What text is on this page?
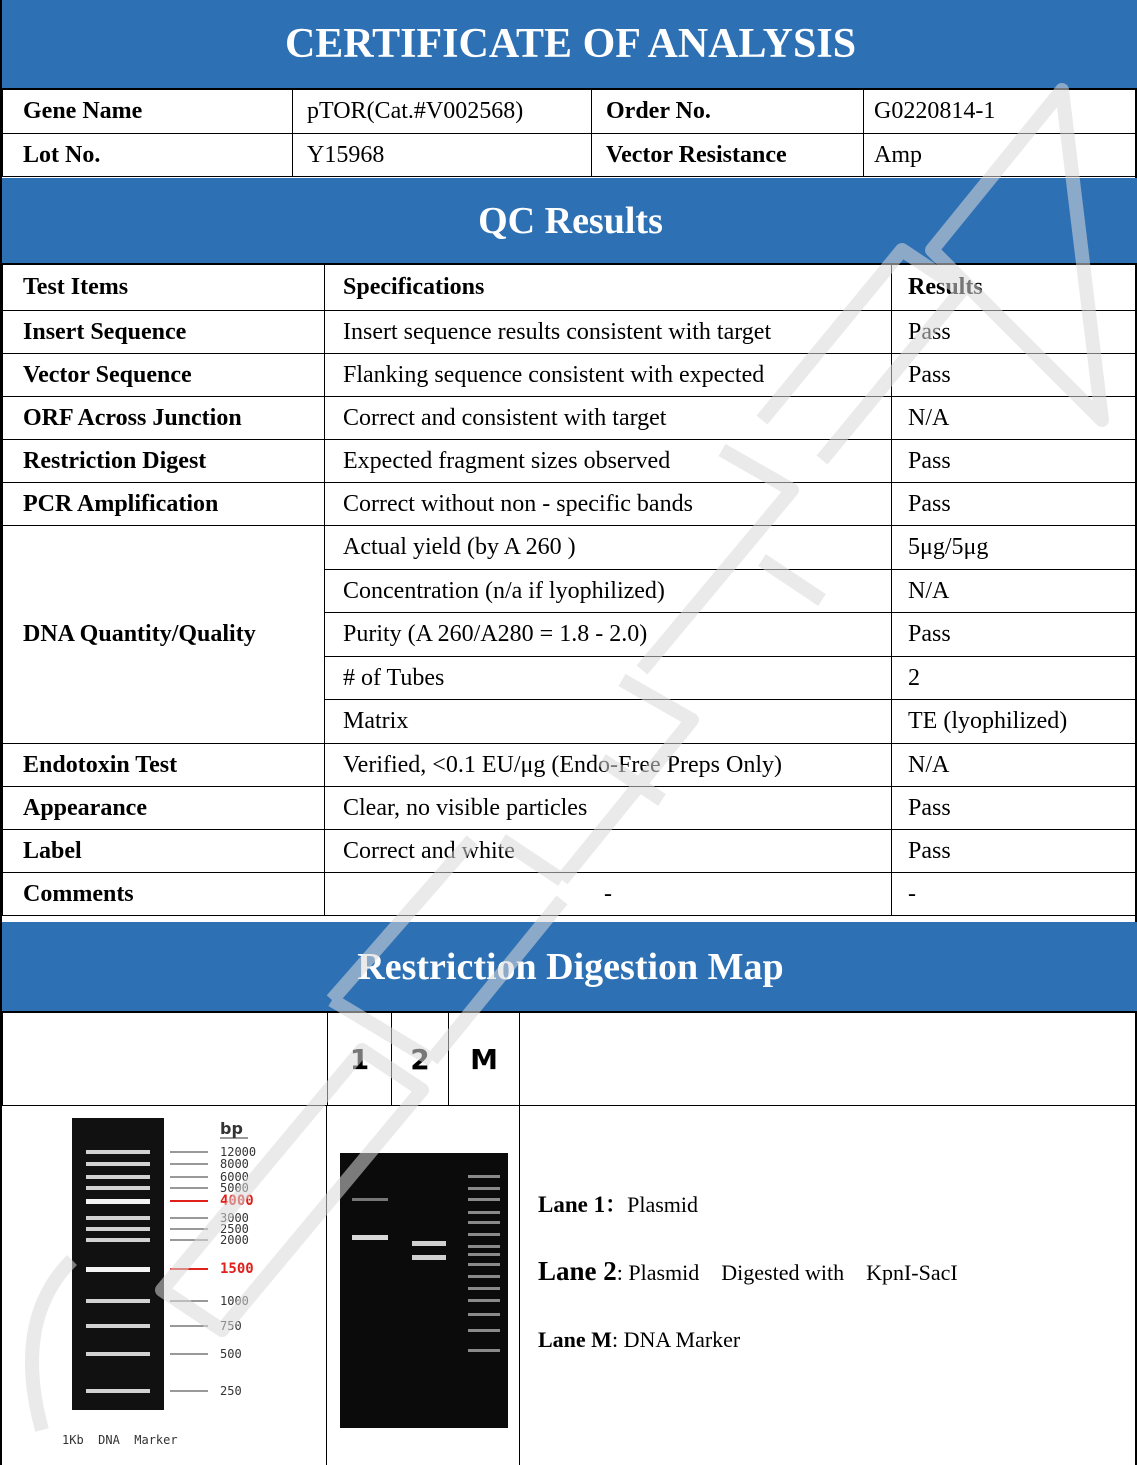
CERTIFICATE OF ANALYSIS
Gene Name	pTOR(Cat.#V002568)	Order No.	G0220814-1
Lot No.	Y15968	Vector Resistance	Amp
QC Results
Test Items	Specifications	Results
Insert Sequence	Insert sequence results consistent with target	Pass
Vector Sequence	Flanking sequence consistent with expected	Pass
ORF Across Junction	Correct and consistent with target	N/A
Restriction Digest	Expected fragment sizes observed	Pass
PCR Amplification	Correct without non - specific bands	Pass
DNA Quantity/Quality	Actual yield (by A 260 )	5μg/5μg
	Concentration (n/a if lyophilized)	N/A
	Purity (A 260/A280 = 1.8 - 2.0)	Pass
	# of Tubes	2
	Matrix	TE (lyophilized)
Endotoxin Test	Verified, <0.1 EU/μg (Endo-Free Preps Only)	N/A
Appearance	Clear, no visible particles	Pass
Label	Correct and white	Pass
Comments	-	-
Restriction Digestion Map
	1	2	M	
bp
12000
8000
6000
5000
4000
3000
2500
2000
1500
1000
750
500
250
1Kb  DNA  Marker
Lane 1：Plasmid
Lane 2: Plasmid    Digested with    KpnI-SacI
Lane M: DNA Marker
